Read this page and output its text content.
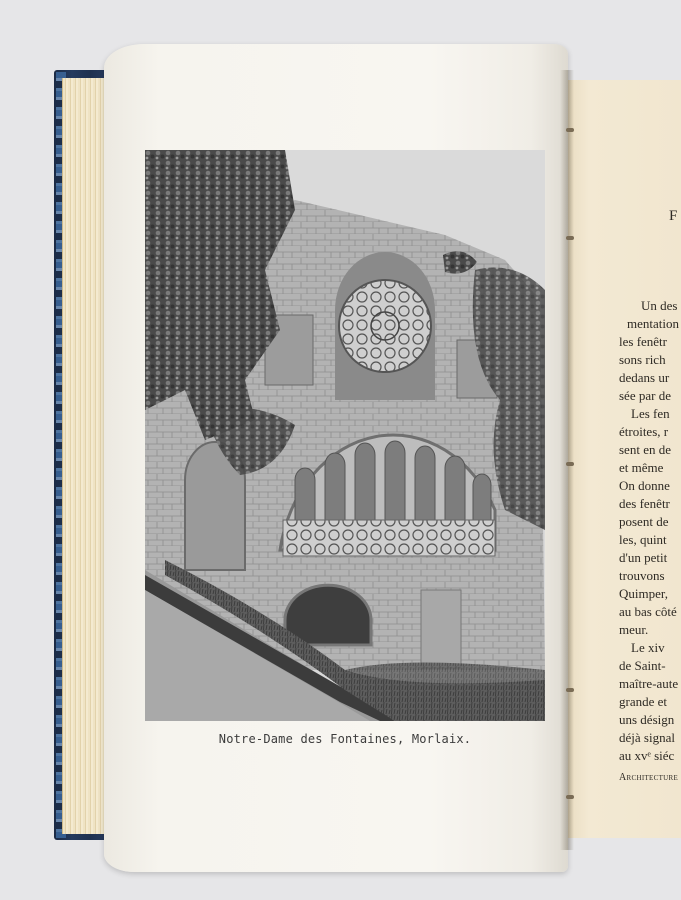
Notre-Dame des Fontaines, Morlaix.
F
Un des
mentation
les fenêtr
sons rich
dedans ur
sée par de
Les fen
étroites, r
sent en de
et même
On donne
des fenêtr
posent de
les, quint
d'un petit
trouvons
Quimper,
au bas côté
meur.
Le xiv
de Saint-
maître-aute
grande et
uns désign
déjà signal
au xvᵉ siéc
Architecture
